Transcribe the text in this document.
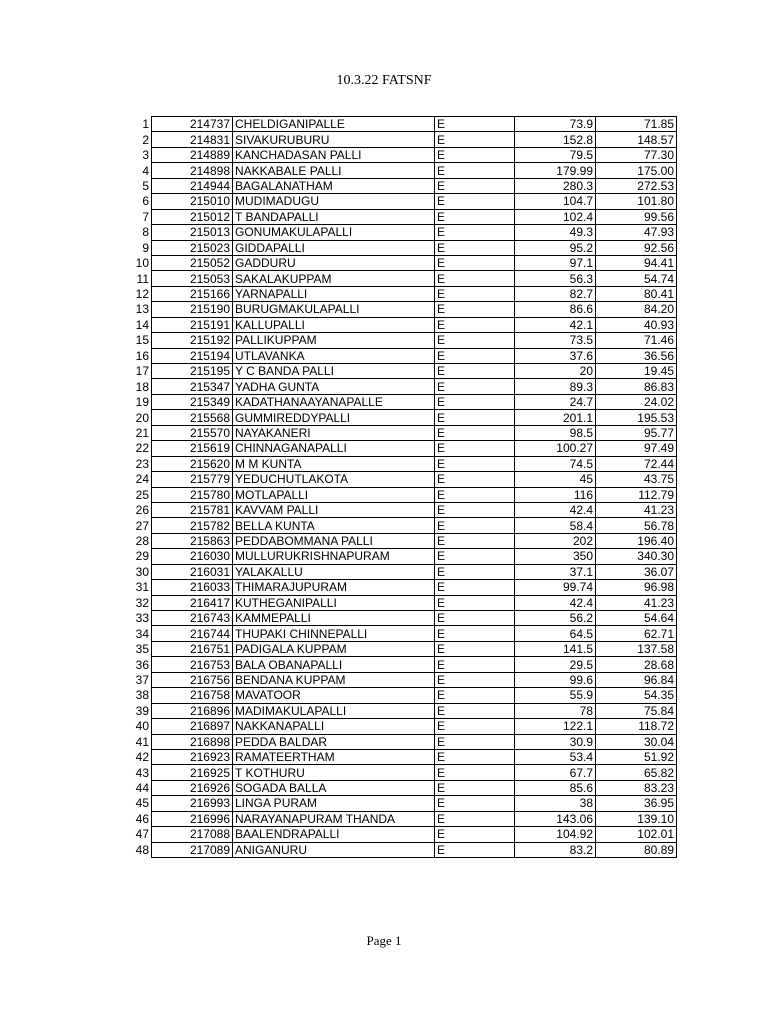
10.3.22 FATSNF
1	214737	CHELDIGANIPALLE	E	73.9	71.85
2	214831	SIVAKURUBURU	E	152.8	148.57
3	214889	KANCHADASAN PALLI	E	79.5	77.30
4	214898	NAKKABALE PALLI	E	179.99	175.00
5	214944	BAGALANATHAM	E	280.3	272.53
6	215010	MUDIMADUGU	E	104.7	101.80
7	215012	T BANDAPALLI	E	102.4	99.56
8	215013	GONUMAKULAPALLI	E	49.3	47.93
9	215023	GIDDAPALLI	E	95.2	92.56
10	215052	GADDURU	E	97.1	94.41
11	215053	SAKALAKUPPAM	E	56.3	54.74
12	215166	YARNAPALLI	E	82.7	80.41
13	215190	BURUGMAKULAPALLI	E	86.6	84.20
14	215191	KALLUPALLI	E	42.1	40.93
15	215192	PALLIKUPPAM	E	73.5	71.46
16	215194	UTLAVANKA	E	37.6	36.56
17	215195	Y C BANDA PALLI	E	20	19.45
18	215347	YADHA GUNTA	E	89.3	86.83
19	215349	KADATHANAAYANAPALLE	E	24.7	24.02
20	215568	GUMMIREDDYPALLI	E	201.1	195.53
21	215570	NAYAKANERI	E	98.5	95.77
22	215619	CHINNAGANAPALLI	E	100.27	97.49
23	215620	M M KUNTA	E	74.5	72.44
24	215779	YEDUCHUTLAKOTA	E	45	43.75
25	215780	MOTLAPALLI	E	116	112.79
26	215781	KAVVAM PALLI	E	42.4	41.23
27	215782	BELLA KUNTA	E	58.4	56.78
28	215863	PEDDABOMMANA PALLI	E	202	196.40
29	216030	MULLURUKRISHNAPURAM	E	350	340.30
30	216031	YALAKALLU	E	37.1	36.07
31	216033	THIMARAJUPURAM	E	99.74	96.98
32	216417	KUTHEGANIPALLI	E	42.4	41.23
33	216743	KAMMEPALLI	E	56.2	54.64
34	216744	THUPAKI CHINNEPALLI	E	64.5	62.71
35	216751	PADIGALA KUPPAM	E	141.5	137.58
36	216753	BALA OBANAPALLI	E	29.5	28.68
37	216756	BENDANA KUPPAM	E	99.6	96.84
38	216758	MAVATOOR	E	55.9	54.35
39	216896	MADIMAKULAPALLI	E	78	75.84
40	216897	NAKKANAPALLI	E	122.1	118.72
41	216898	PEDDA BALDAR	E	30.9	30.04
42	216923	RAMATEERTHAM	E	53.4	51.92
43	216925	T KOTHURU	E	67.7	65.82
44	216926	SOGADA BALLA	E	85.6	83.23
45	216993	LINGA PURAM	E	38	36.95
46	216996	NARAYANAPURAM THANDA	E	143.06	139.10
47	217088	BAALENDRAPALLI	E	104.92	102.01
48	217089	ANIGANURU	E	83.2	80.89
Page 1
